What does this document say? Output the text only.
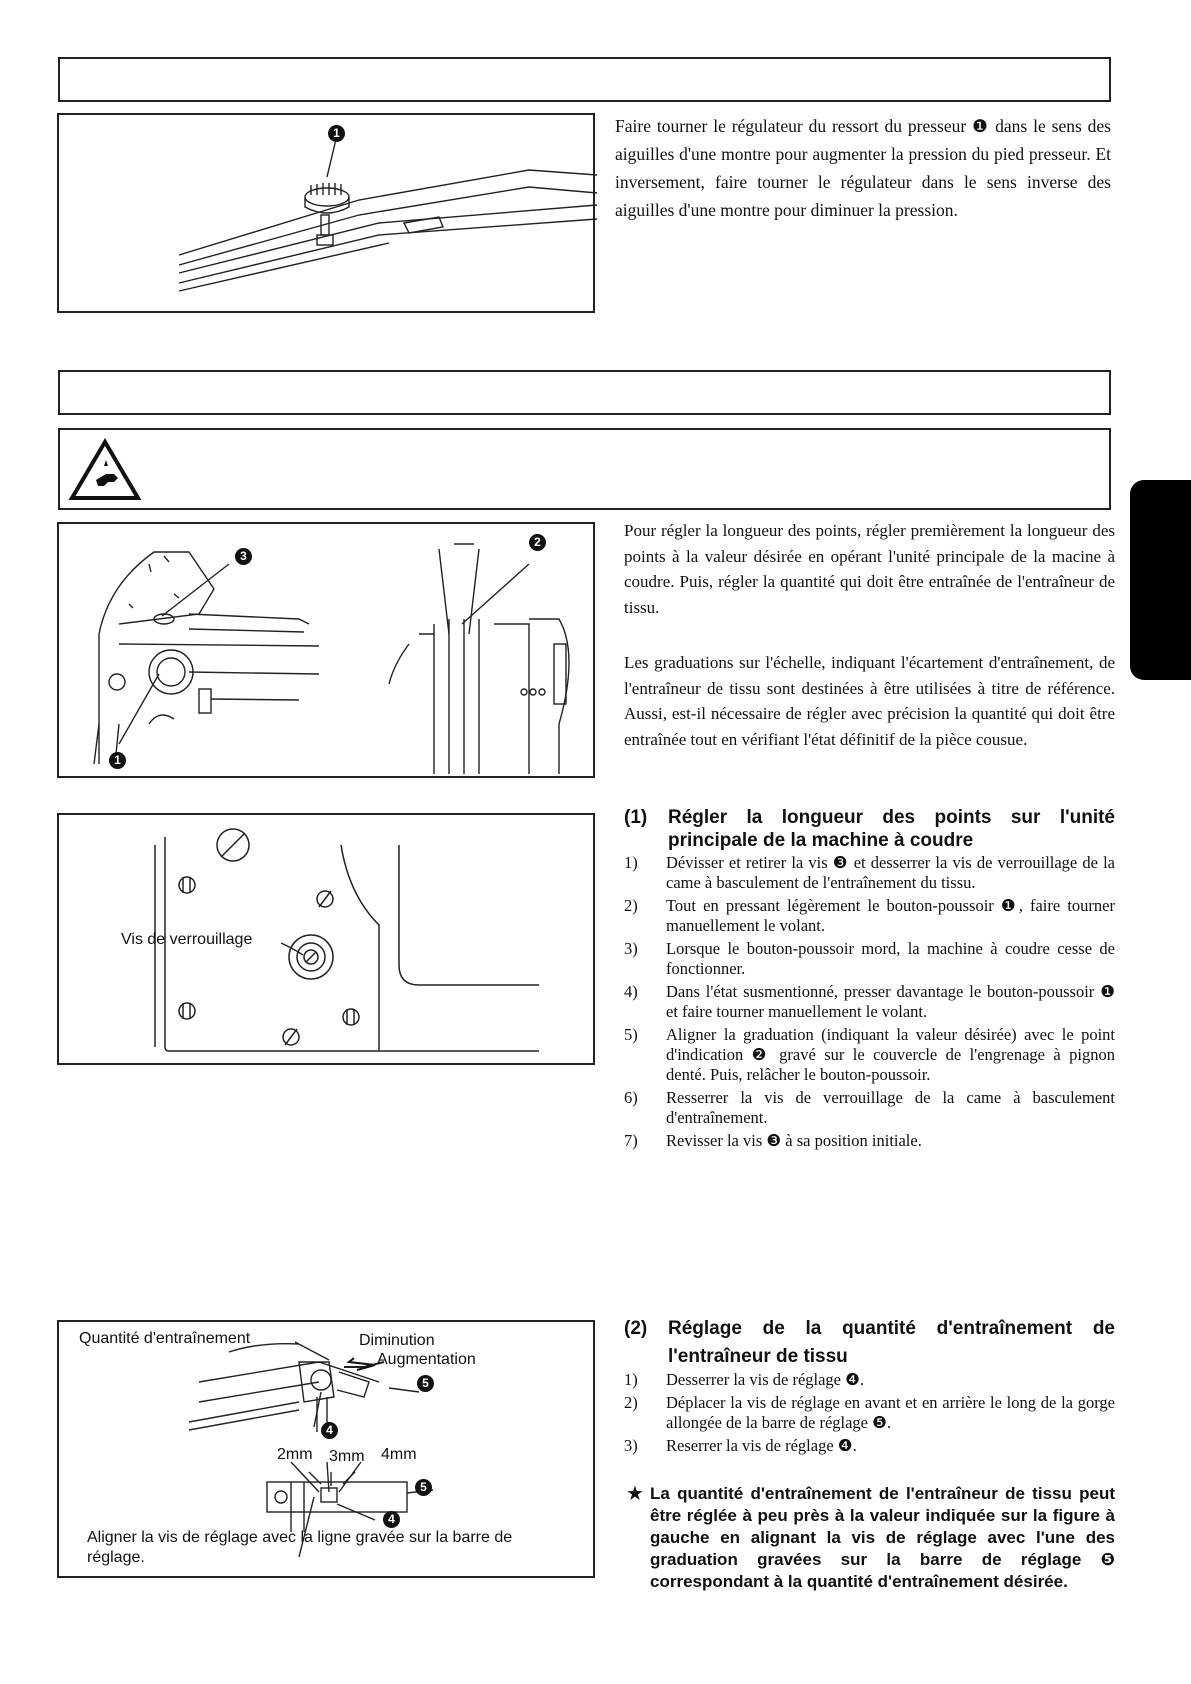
1	Faire tourner le régulateur du ressort du presseur ❶ dans le sens des aiguilles d'une montre pour augmenter la pression du pied presseur. Et inversement, faire tourner le régulateur dans le sens inverse des aiguilles d'une montre pour diminuer la pression.

3
2
1

Pour régler la longueur des points, régler premièrement la longueur des points à la valeur désirée en opérant l'unité principale de la macine à coudre. Puis, régler la quantité qui doit être entraînée de l'entraîneur de tissu.

Les graduations sur l'échelle, indiquant l'écartement d'entraînement, de l'entraîneur de tissu sont destinées à être utilisées à titre de référence. Aussi, est-il nécessaire de régler avec précision la quantité qui doit être entraînée tout en vérifiant l'état définitif de la pièce cousue.

Vis de verrouillage
(1)	Régler la longueur des points sur l'unité principale de la machine à coudre
1) Dévisser et retirer la vis ❸ et desserrer la vis de verrouillage de la came à basculement de l'entraînement du tissu.
2) Tout en pressant légèrement le bouton-poussoir ❶, faire tourner manuellement le volant.
3) Lorsque le bouton-poussoir mord, la machine à coudre cesse de fonctionner.
4) Dans l'état susmentionné, presser davantage le bouton-poussoir ❶ et faire tourner manuellement le volant.
5) Aligner la graduation (indiquant la valeur désirée) avec le point d'indication ❷ gravé sur le couvercle de l'engrenage à pignon denté. Puis, relâcher le bouton-poussoir.
6) Resserrer la vis de verrouillage de la came à basculement d'entraînement.
7) Revisser la vis ❸ à sa position initiale.
Quantité d'entraînement	Diminution
Augmentation
5
4
2mm 3mm 4mm
5
4
Aligner la vis de réglage avec la ligne gravée sur la barre de réglage.
(2)	Réglage de la quantité d'entraînement de l'entraîneur de tissu
1) Desserrer la vis de réglage ❹.
2) Déplacer la vis de réglage en avant et en arrière le long de la gorge allongée de la barre de réglage ❺.
3) Reserrer la vis de réglage ❹.
★ La quantité d'entraînement de l'entraîneur de tissu peut être réglée à peu près à la valeur indiquée sur la figure à gauche en alignant la vis de réglage avec l'une des graduation gravées sur la barre de réglage ❺ correspondant à la quantité d'entraînement désirée.
